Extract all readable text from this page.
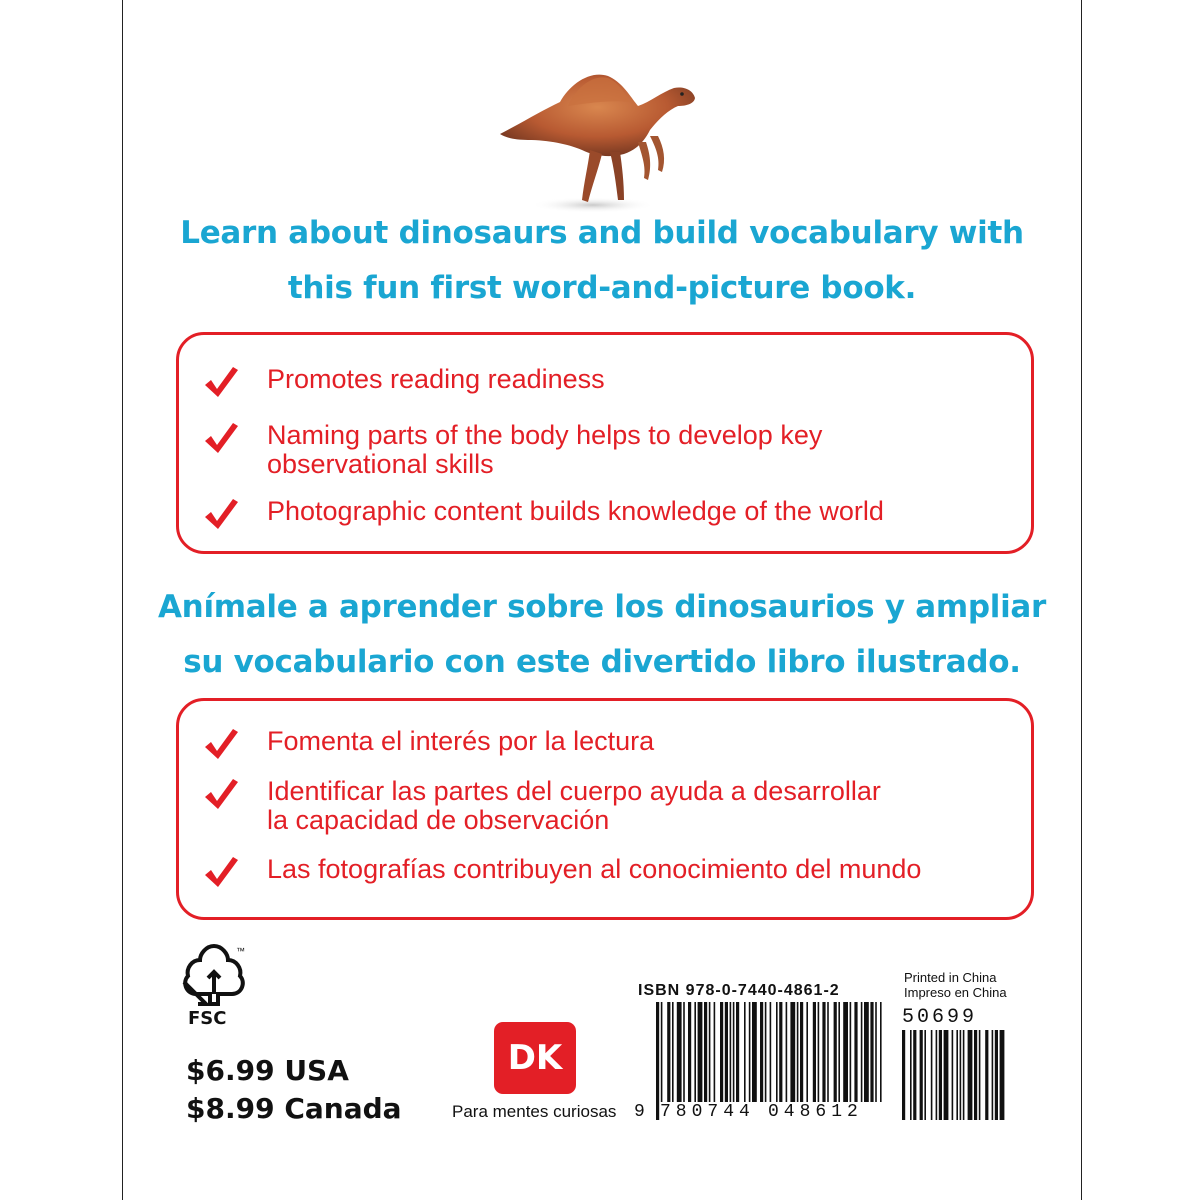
Learn about dinosaurs and build vocabulary with
this fun first word-and-picture book.
Promotes reading readiness
Naming parts of the body helps to develop key
observational skills
Photographic content builds knowledge of the world
Anímale a aprender sobre los dinosaurios y ampliar
su vocabulario con este divertido libro ilustrado.
Fomenta el interés por la lectura
Identificar las partes del cuerpo ayuda a desarrollar
la capacidad de observación
Las fotografías contribuyen al conocimiento del mundo
™
FSC
$6.99 USA
$8.99 Canada
DK
Para mentes curiosas
ISBN 978-0-7440-4861-2
Printed in China
Impreso en China
50699
9 780744 048612
